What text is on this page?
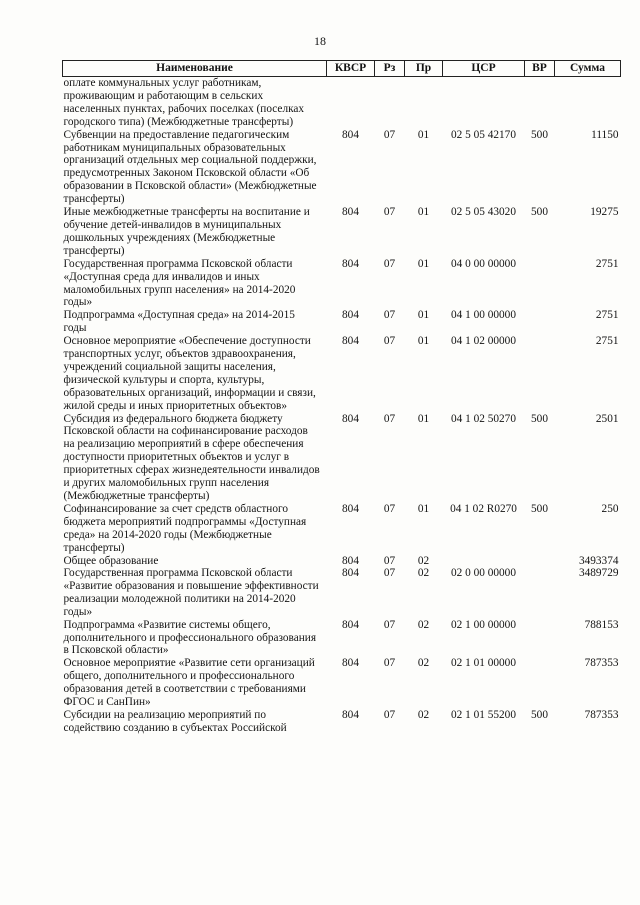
18
Наименование	КВСР	Рз	Пр	ЦСР	ВР	Сумма
оплате коммунальных услуг работникам, проживающим и работающим в сельских населенных пунктах, рабочих поселках (поселках городского типа) (Межбюджетные трансферты)						
Субвенции на предоставление педагогическим работникам муниципальных образовательных организаций отдельных мер социальной поддержки, предусмотренных Законом Псковской области «Об образовании в Псковской области» (Межбюджетные трансферты)	804	07	01	02 5 05 42170	500	11150
Иные межбюджетные трансферты на воспитание и обучение детей-инвалидов в муниципальных дошкольных учреждениях (Межбюджетные трансферты)	804	07	01	02 5 05 43020	500	19275
Государственная программа Псковской области «Доступная среда для инвалидов и иных маломобильных групп населения» на 2014-2020 годы»	804	07	01	04 0 00 00000		2751
Подпрограмма «Доступная среда» на 2014-2015 годы	804	07	01	04 1 00 00000		2751
Основное мероприятие «Обеспечение доступности транспортных услуг, объектов здравоохранения, учреждений социальной защиты населения, физической культуры и спорта, культуры, образовательных организаций, информации и связи, жилой среды и иных приоритетных объектов»	804	07	01	04 1 02 00000		2751
Субсидия из федерального бюджета бюджету Псковской области на софинансирование расходов на реализацию мероприятий в сфере обеспечения доступности приоритетных объектов и услуг в приоритетных сферах жизнедеятельности инвалидов и других маломобильных групп населения (Межбюджетные трансферты)	804	07	01	04 1 02 50270	500	2501
Софинансирование за счет средств областного бюджета мероприятий подпрограммы «Доступная среда» на 2014-2020 годы (Межбюджетные трансферты)	804	07	01	04 1 02 R0270	500	250
Общее образование	804	07	02			3493374
Государственная программа Псковской области «Развитие образования и повышение эффективности реализации молодежной политики на 2014-2020 годы»	804	07	02	02 0 00 00000		3489729
Подпрограмма «Развитие системы общего, дополнительного и профессионального образования в Псковской области»	804	07	02	02 1 00 00000		788153
Основное мероприятие «Развитие сети организаций общего, дополнительного и профессионального образования детей в соответствии с требованиями ФГОС и СанПин»	804	07	02	02 1 01 00000		787353
Субсидии на реализацию мероприятий по содействию созданию в субъектах Российской	804	07	02	02 1 01 55200	500	787353
